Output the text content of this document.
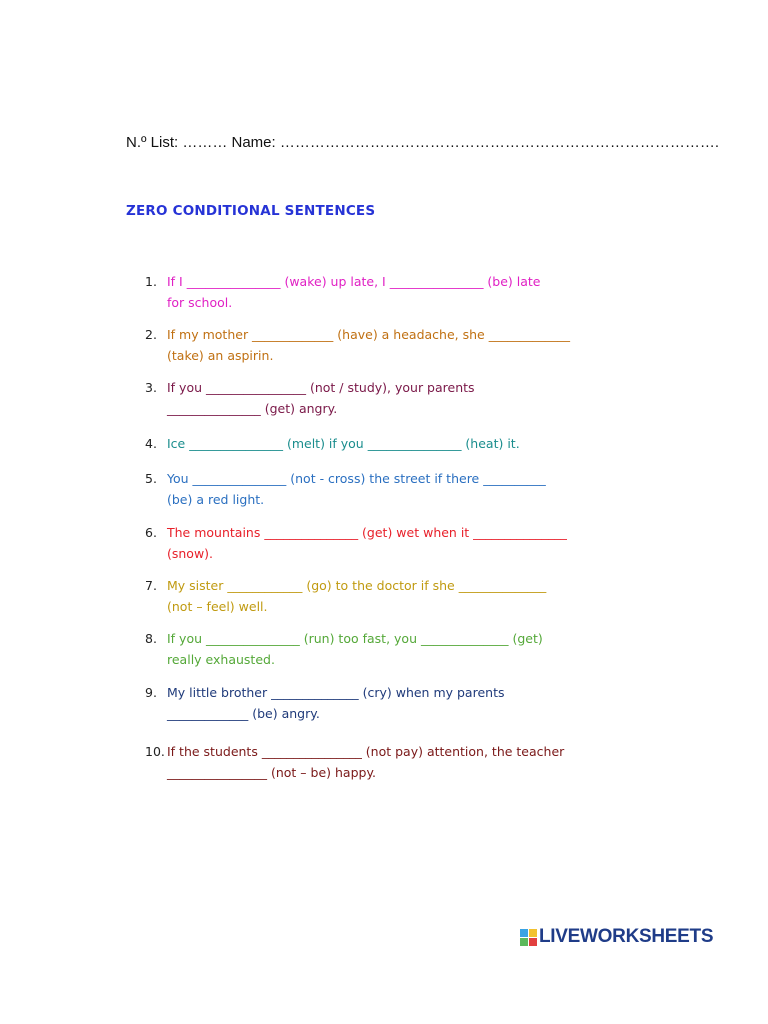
N.º List: ……… Name: …………………………………………………………………………….
ZERO CONDITIONAL SENTENCES
1. If I _______________ (wake) up late, I _______________ (be) late
for school.
2. If my mother _____________ (have) a headache, she _____________
(take) an aspirin.
3. If you ________________ (not / study), your parents
_______________ (get) angry.
4. Ice _______________ (melt) if you _______________ (heat) it.
5. You _______________ (not - cross) the street if there __________
(be) a red light.
6. The mountains _______________ (get) wet when it _______________
(snow).
7. My sister ____________ (go) to the doctor if she ______________
(not – feel) well.
8. If you _______________ (run) too fast, you ______________ (get)
really exhausted.
9. My little brother ______________ (cry) when my parents
_____________ (be) angry.
10. If the students ________________ (not pay) attention, the teacher
________________ (not – be) happy.
LIVEWORKSHEETS
